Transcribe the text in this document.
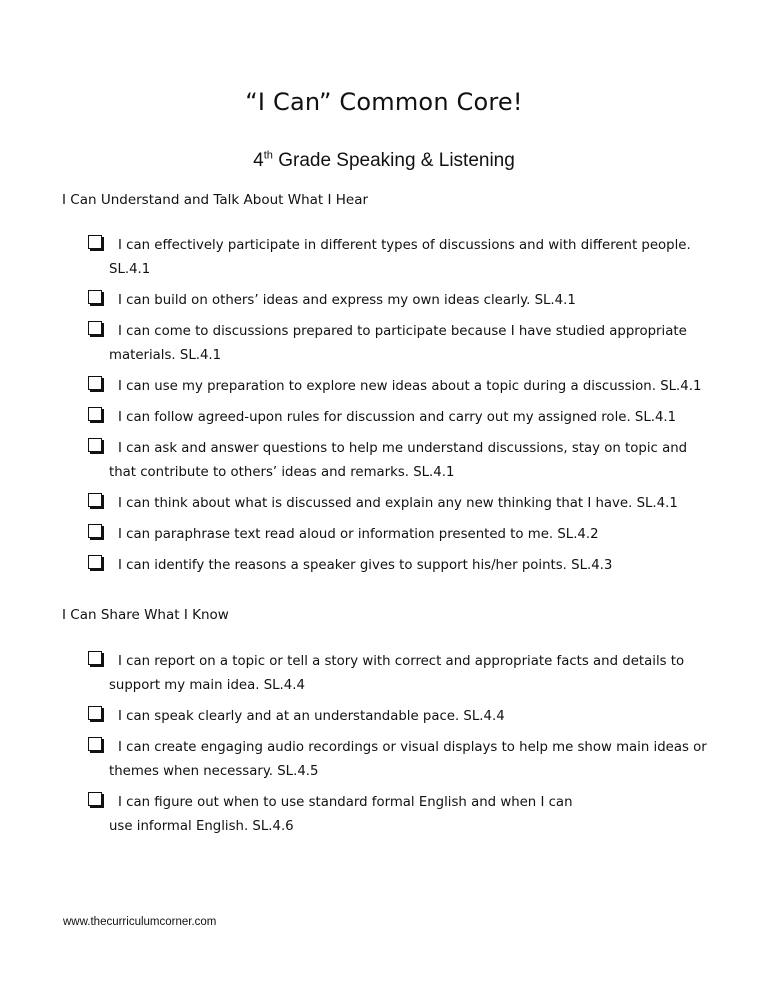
“I Can” Common Core!
4th Grade Speaking & Listening
I Can Understand and Talk About What I Hear
I can effectively participate in different types of discussions and with different people. SL.4.1
I can build on others’ ideas and express my own ideas clearly. SL.4.1
I can come to discussions prepared to participate because I have studied appropriate materials. SL.4.1
I can use my preparation to explore new ideas about a topic during a discussion. SL.4.1
I can follow agreed-upon rules for discussion and carry out my assigned role. SL.4.1
I can ask and answer questions to help me understand discussions, stay on topic and that contribute to others’ ideas and remarks. SL.4.1
I can think about what is discussed and explain any new thinking that I have. SL.4.1
I can paraphrase text read aloud or information presented to me. SL.4.2
I can identify the reasons a speaker gives to support his/her points. SL.4.3
I Can Share What I Know
I can report on a topic or tell a story with correct and appropriate facts and details to support my main idea. SL.4.4
I can speak clearly and at an understandable pace. SL.4.4
I can create engaging audio recordings or visual displays to help me show main ideas or themes when necessary. SL.4.5
I can figure out when to use standard formal English and when I can use informal English. SL.4.6

www.thecurriculumcorner.com
